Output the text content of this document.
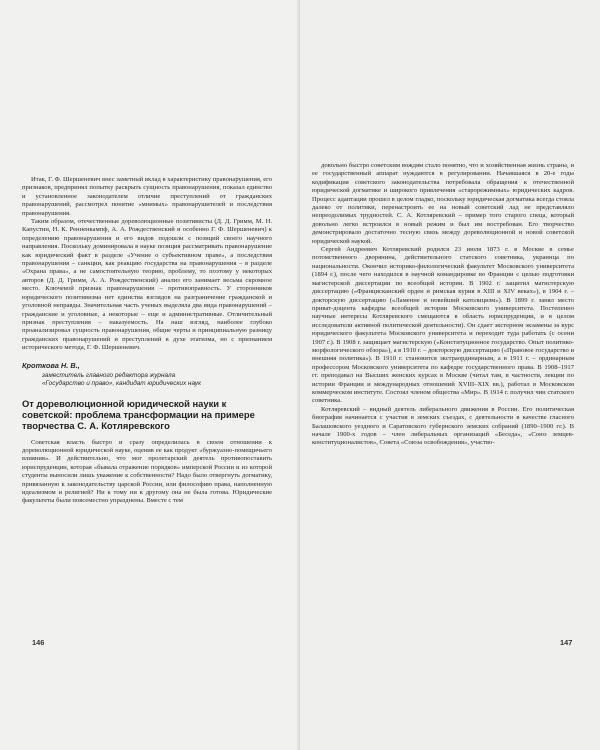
Итак, Г. Ф. Шершеневич внес заметный вклад в характеристику правонарушения, его признаков, предпринял попытку раскрыть сущность правонарушения, показал единство и установленное законодателем отличие преступлений от гражданских правонарушений, рассмотрел понятие «мнимых» правонарушителей и последствия правонарушения.

Таким образом, отечественные дореволюционные позитивисты (Д. Д. Гримм, М. Н. Капустин, Н. К. Ренненкампф, А. А. Рождественский и особенно Г. Ф. Шершеневич) к определению правонарушения и его видов подошли с позиций своего научного направления. Поскольку доминировала в науке позиция рассматривать правонарушение как юридический факт в разделе «Учение о субъективном праве», а последствия правонарушения – санкции, как реакцию государства на правонарушения – в разделе «Охрана права», а не самостоятельную теорию, проблему, то поэтому у некоторых авторов (Д. Д. Гримм, А. А. Рождественский) анализ его занимает весьма скромное место. Ключевой признак правонарушения – противоправность. У сторонников юридического позитивизма нет единства взглядов на разграничение гражданской и уголовной неправды. Значительная часть ученых выделяла два вида правонарушений – гражданские и уголовные, а некоторые – еще и административные. Отличительный признак преступления – наказуемость. На наш взгляд, наиболее глубоко проанализировал сущность правонарушения, общие черты и принципиальную разницу гражданских правонарушений и преступлений в духе этатизма, но с признанием исторического метода, Г. Ф. Шершеневич.

Кроткова Н. В.,
заместитель главного редактора журнала
«Государство и право», кандидат юридических наук
От дореволюционной юридической науки к советской: проблема трансформации на примере творчества С. А. Котляревского

Советская власть быстро и сразу определилась в своем отношении к дореволюционной юридической науке, оценив ее как продукт «буржуазно-помещичьего влияния». И действительно, что мог пролетарский деятель противопоставить юриспруденции, которая «бывала отражение порядков» имперской России и из которой студенты выносили лишь уважение к собственности? Надо было отвергнуть догматику, привязанную к законодательству царской России, или философию права, наполненную идеализмом и религией? Ни к тому ни к другому она не была готова. Юридические факультеты были повсеместно упразднены. Вместе с тем

довольно быстро советским вождям стало понятно, что и хозяйственная жизнь страны, и ее государственный аппарат нуждаются в регулировании. Начавшаяся в 20-е годы кодификация советского законодательства потребовала обращения к отечественной юридической догматике и широкого привлечения «старорежимных» юридических кадров. Процесс адаптации прошел в целом гладко, поскольку юридическая догматика всегда стояла далеко от политики, перенастроить ее на новый советский лад не представляло непреодолимых трудностей. С. А. Котляревский – пример того старого спеца, который довольно легко встроился в новый режим и был им востребован. Его творчество демонстрировало достаточно тесную связь между дореволюционной и новой советской юридической наукой.

Сергей Андреевич Котляревский родился 23 июля 1873 г. в Москве в семье потомственного дворянина, действительного статского советника, украинца по национальности. Окончил историко-филологический факультет Московского университета (1894 г.), после чего находился в научной командировке во Франции с целью подготовки магистерской диссертации по всеобщей истории. В 1902 г. защитил магистерскую диссертацию («Францисканский орден и римская курия в XIII и XIV веках»), в 1904 г. – докторскую диссертацию («Ламенне и новейший католицизм»). В 1899 г. занял место приват-доцента кафедры всеобщей истории Московского университета. Постепенно научные интересы Котляревского смещаются в область юриспруденции, и в целом исследователи активной политической деятельности). Он сдает экстерном экзамены за курс юридического факультета Московского университета и переходит туда работать (с осени 1907 г.). В 1908 г. защищает магистерскую («Конституционное государство. Опыт политико-морфологического обзора»), а в 1910 г. – докторскую диссертацию («Правовое государство и внешняя политика»). В 1910 г. становится экстраординарным, а в 1911 г. – ординарным профессором Московского университета по кафедре государственного права. В 1908–1917 гг. преподавал на Высших женских курсах в Москве (читал там, в частности, лекции по истории Франции и международных отношений XVIII–XIX вв.), работал в Московском коммерческом институте. Состоял членом общества «Мир». В 1914 г. получил чин статского советника.

Котляревский – видный деятель либерального движения в России. Его политическая биография начинается с участия в земских съездах, с деятельности в качестве гласного Балашовского уездного и Саратовского губернского земских собраний (1890–1900 гг.). В начале 1900-х годов – член либеральных организаций «Беседа», «Союз земцев-конституционалистов», Совета «Союза освобождения», участво-

146	147
